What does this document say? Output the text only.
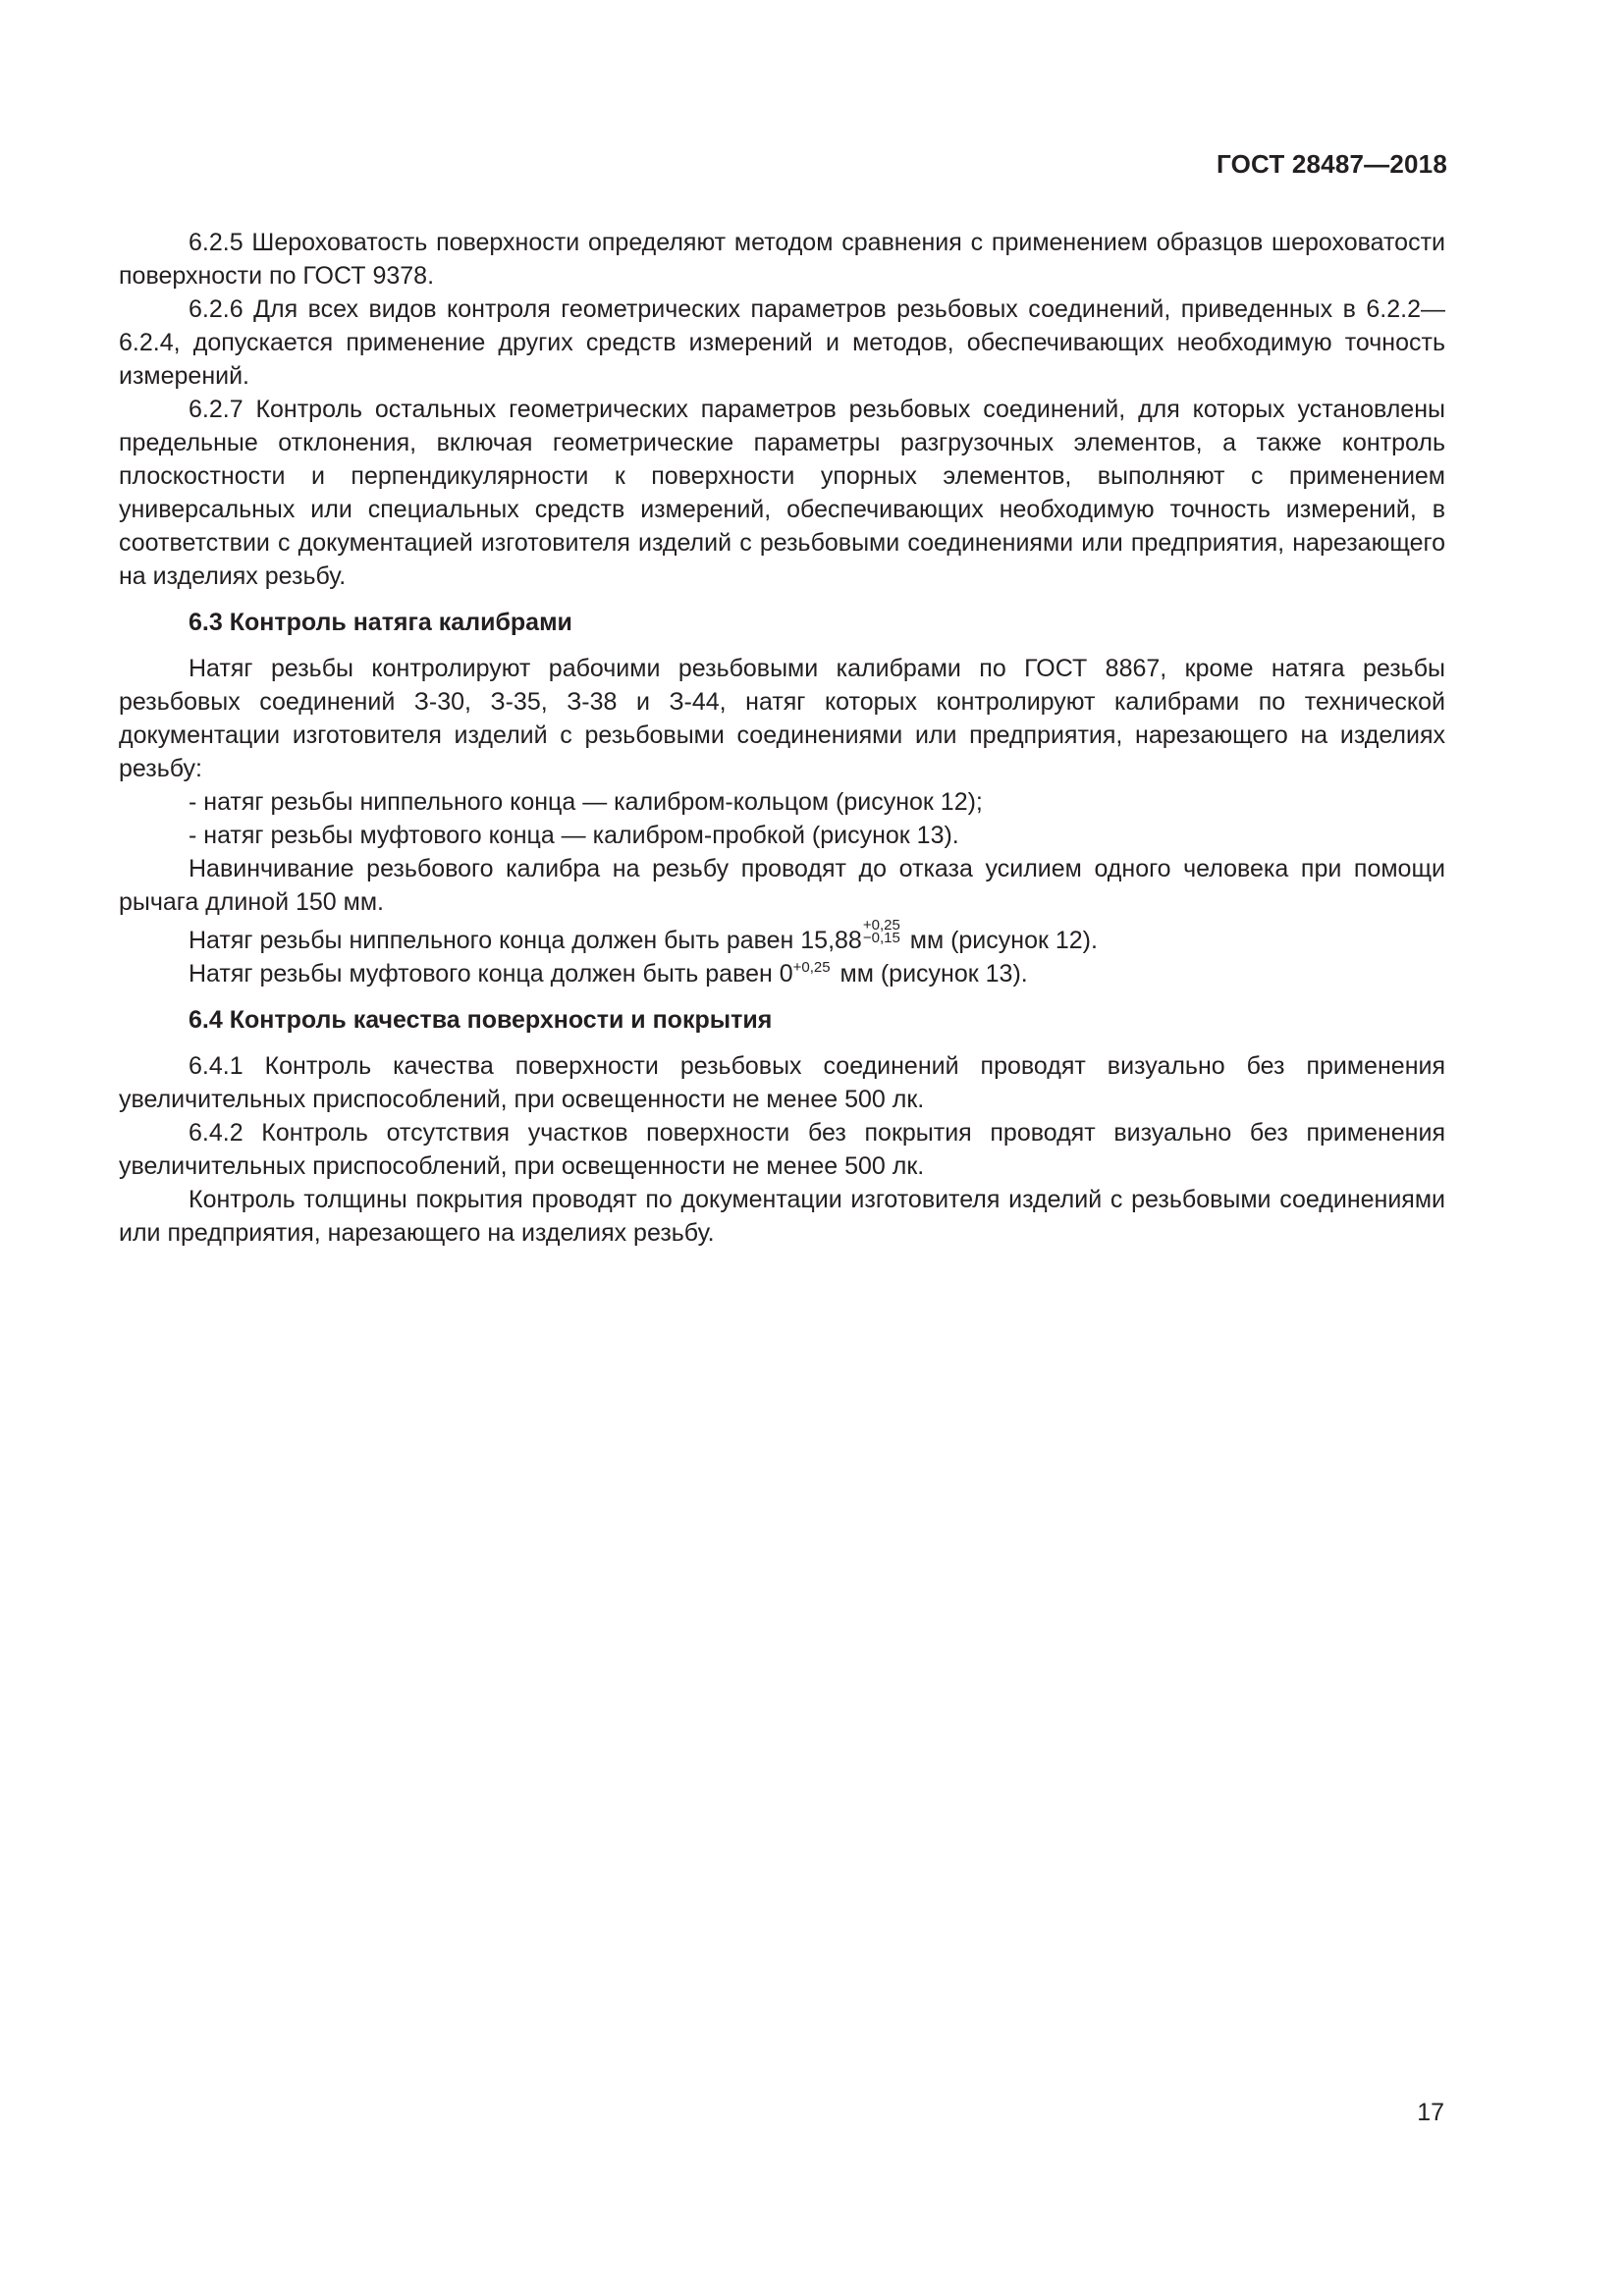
ГОСТ 28487—2018

6.2.5 Шероховатость поверхности определяют методом сравнения с применением образцов шероховатости поверхности по ГОСТ 9378.

6.2.6 Для всех видов контроля геометрических параметров резьбовых соединений, приведенных в 6.2.2—6.2.4, допускается применение других средств измерений и методов, обеспечивающих необходимую точность измерений.

6.2.7 Контроль остальных геометрических параметров резьбовых соединений, для которых установлены предельные отклонения, включая геометрические параметры разгрузочных элементов, а также контроль плоскостности и перпендикулярности к поверхности упорных элементов, выполняют с применением универсальных или специальных средств измерений, обеспечивающих необходимую точность измерений, в соответствии с документацией изготовителя изделий с резьбовыми соединениями или предприятия, нарезающего на изделиях резьбу.

6.3 Контроль натяга калибрами

Натяг резьбы контролируют рабочими резьбовыми калибрами по ГОСТ 8867, кроме натяга резьбы резьбовых соединений З-30, З-35, З-38 и З-44, натяг которых контролируют калибрами по технической документации изготовителя изделий с резьбовыми соединениями или предприятия, нарезающего на изделиях резьбу:

- натяг резьбы ниппельного конца — калибром-кольцом (рисунок 12);

- натяг резьбы муфтового конца — калибром-пробкой (рисунок 13).

Навинчивание резьбового калибра на резьбу проводят до отказа усилием одного человека при помощи рычага длиной 150 мм.

Натяг резьбы ниппельного конца должен быть равен 15,88
+0,25
−0,15 мм (рисунок 12).

Натяг резьбы муфтового конца должен быть равен $0^{+0,25}$ мм (рисунок 13).

6.4 Контроль качества поверхности и покрытия

6.4.1 Контроль качества поверхности резьбовых соединений проводят визуально без применения увеличительных приспособлений, при освещенности не менее 500 лк.

6.4.2 Контроль отсутствия участков поверхности без покрытия проводят визуально без применения увеличительных приспособлений, при освещенности не менее 500 лк.

Контроль толщины покрытия проводят по документации изготовителя изделий с резьбовыми соединениями или предприятия, нарезающего на изделиях резьбу.

17
